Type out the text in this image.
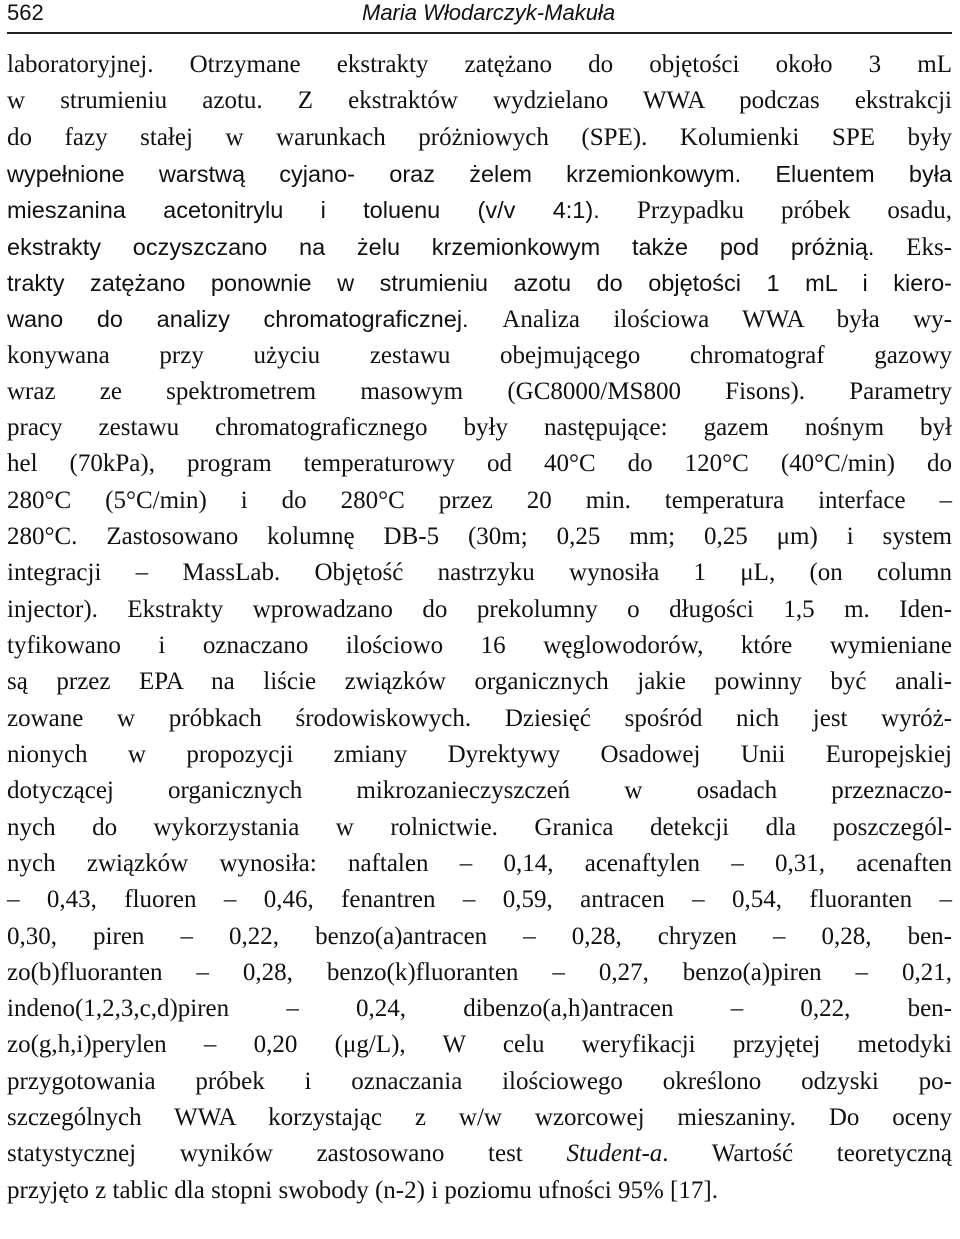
562	Maria Włodarczyk-Makuła
laboratoryjnej. Otrzymane ekstrakty zatężano do objętości około 3 mL
w strumieniu azotu. Z ekstraktów wydzielano WWA podczas ekstrakcji
do fazy stałej w warunkach próżniowych (SPE). Kolumienki SPE były
wypełnione warstwą cyjano- oraz żelem krzemionkowym. Eluentem była
mieszanina acetonitrylu i toluenu (v/v 4:1). Przypadku próbek osadu,
ekstrakty oczyszczano na żelu krzemionkowym także pod próżnią. Eks-
trakty zatężano ponownie w strumieniu azotu do objętości 1 mL i kiero-
wano do analizy chromatograficznej. Analiza ilościowa WWA była wy-
konywana przy użyciu zestawu obejmującego chromatograf gazowy
wraz ze spektrometrem masowym (GC8000/MS800 Fisons). Parametry
pracy zestawu chromatograficznego były następujące: gazem nośnym był
hel (70kPa), program temperaturowy od 40°C do 120°C (40°C/min) do
280°C (5°C/min) i do 280°C przez 20 min. temperatura interface –
280°C. Zastosowano kolumnę DB-5 (30m; 0,25 mm; 0,25 μm) i system
integracji – MassLab. Objętość nastrzyku wynosiła 1 μL, (on column
injector). Ekstrakty wprowadzano do prekolumny o długości 1,5 m. Iden-
tyfikowano i oznaczano ilościowo 16 węglowodorów, które wymieniane
są przez EPA na liście związków organicznych jakie powinny być anali-
zowane w próbkach środowiskowych. Dziesięć spośród nich jest wyróż-
nionych w propozycji zmiany Dyrektywy Osadowej Unii Europejskiej
dotyczącej organicznych mikrozanieczyszczeń w osadach przeznaczo-
nych do wykorzystania w rolnictwie. Granica detekcji dla poszczegól-
nych związków wynosiła: naftalen – 0,14, acenaftylen – 0,31, acenaften
– 0,43, fluoren – 0,46, fenantren – 0,59, antracen – 0,54, fluoranten –
0,30, piren – 0,22, benzo(a)antracen – 0,28, chryzen – 0,28, ben-
zo(b)fluoranten – 0,28, benzo(k)fluoranten – 0,27, benzo(a)piren – 0,21,
indeno(1,2,3,c,d)piren – 0,24, dibenzo(a,h)antracen – 0,22, ben-
zo(g,h,i)perylen – 0,20 (μg/L), W celu weryfikacji przyjętej metodyki
przygotowania próbek i oznaczania ilościowego określono odzyski po-
szczególnych WWA korzystając z w/w wzorcowej mieszaniny. Do oceny
statystycznej wyników zastosowano test Student-a. Wartość teoretyczną
przyjęto z tablic dla stopni swobody (n-2) i poziomu ufności 95% [17].
